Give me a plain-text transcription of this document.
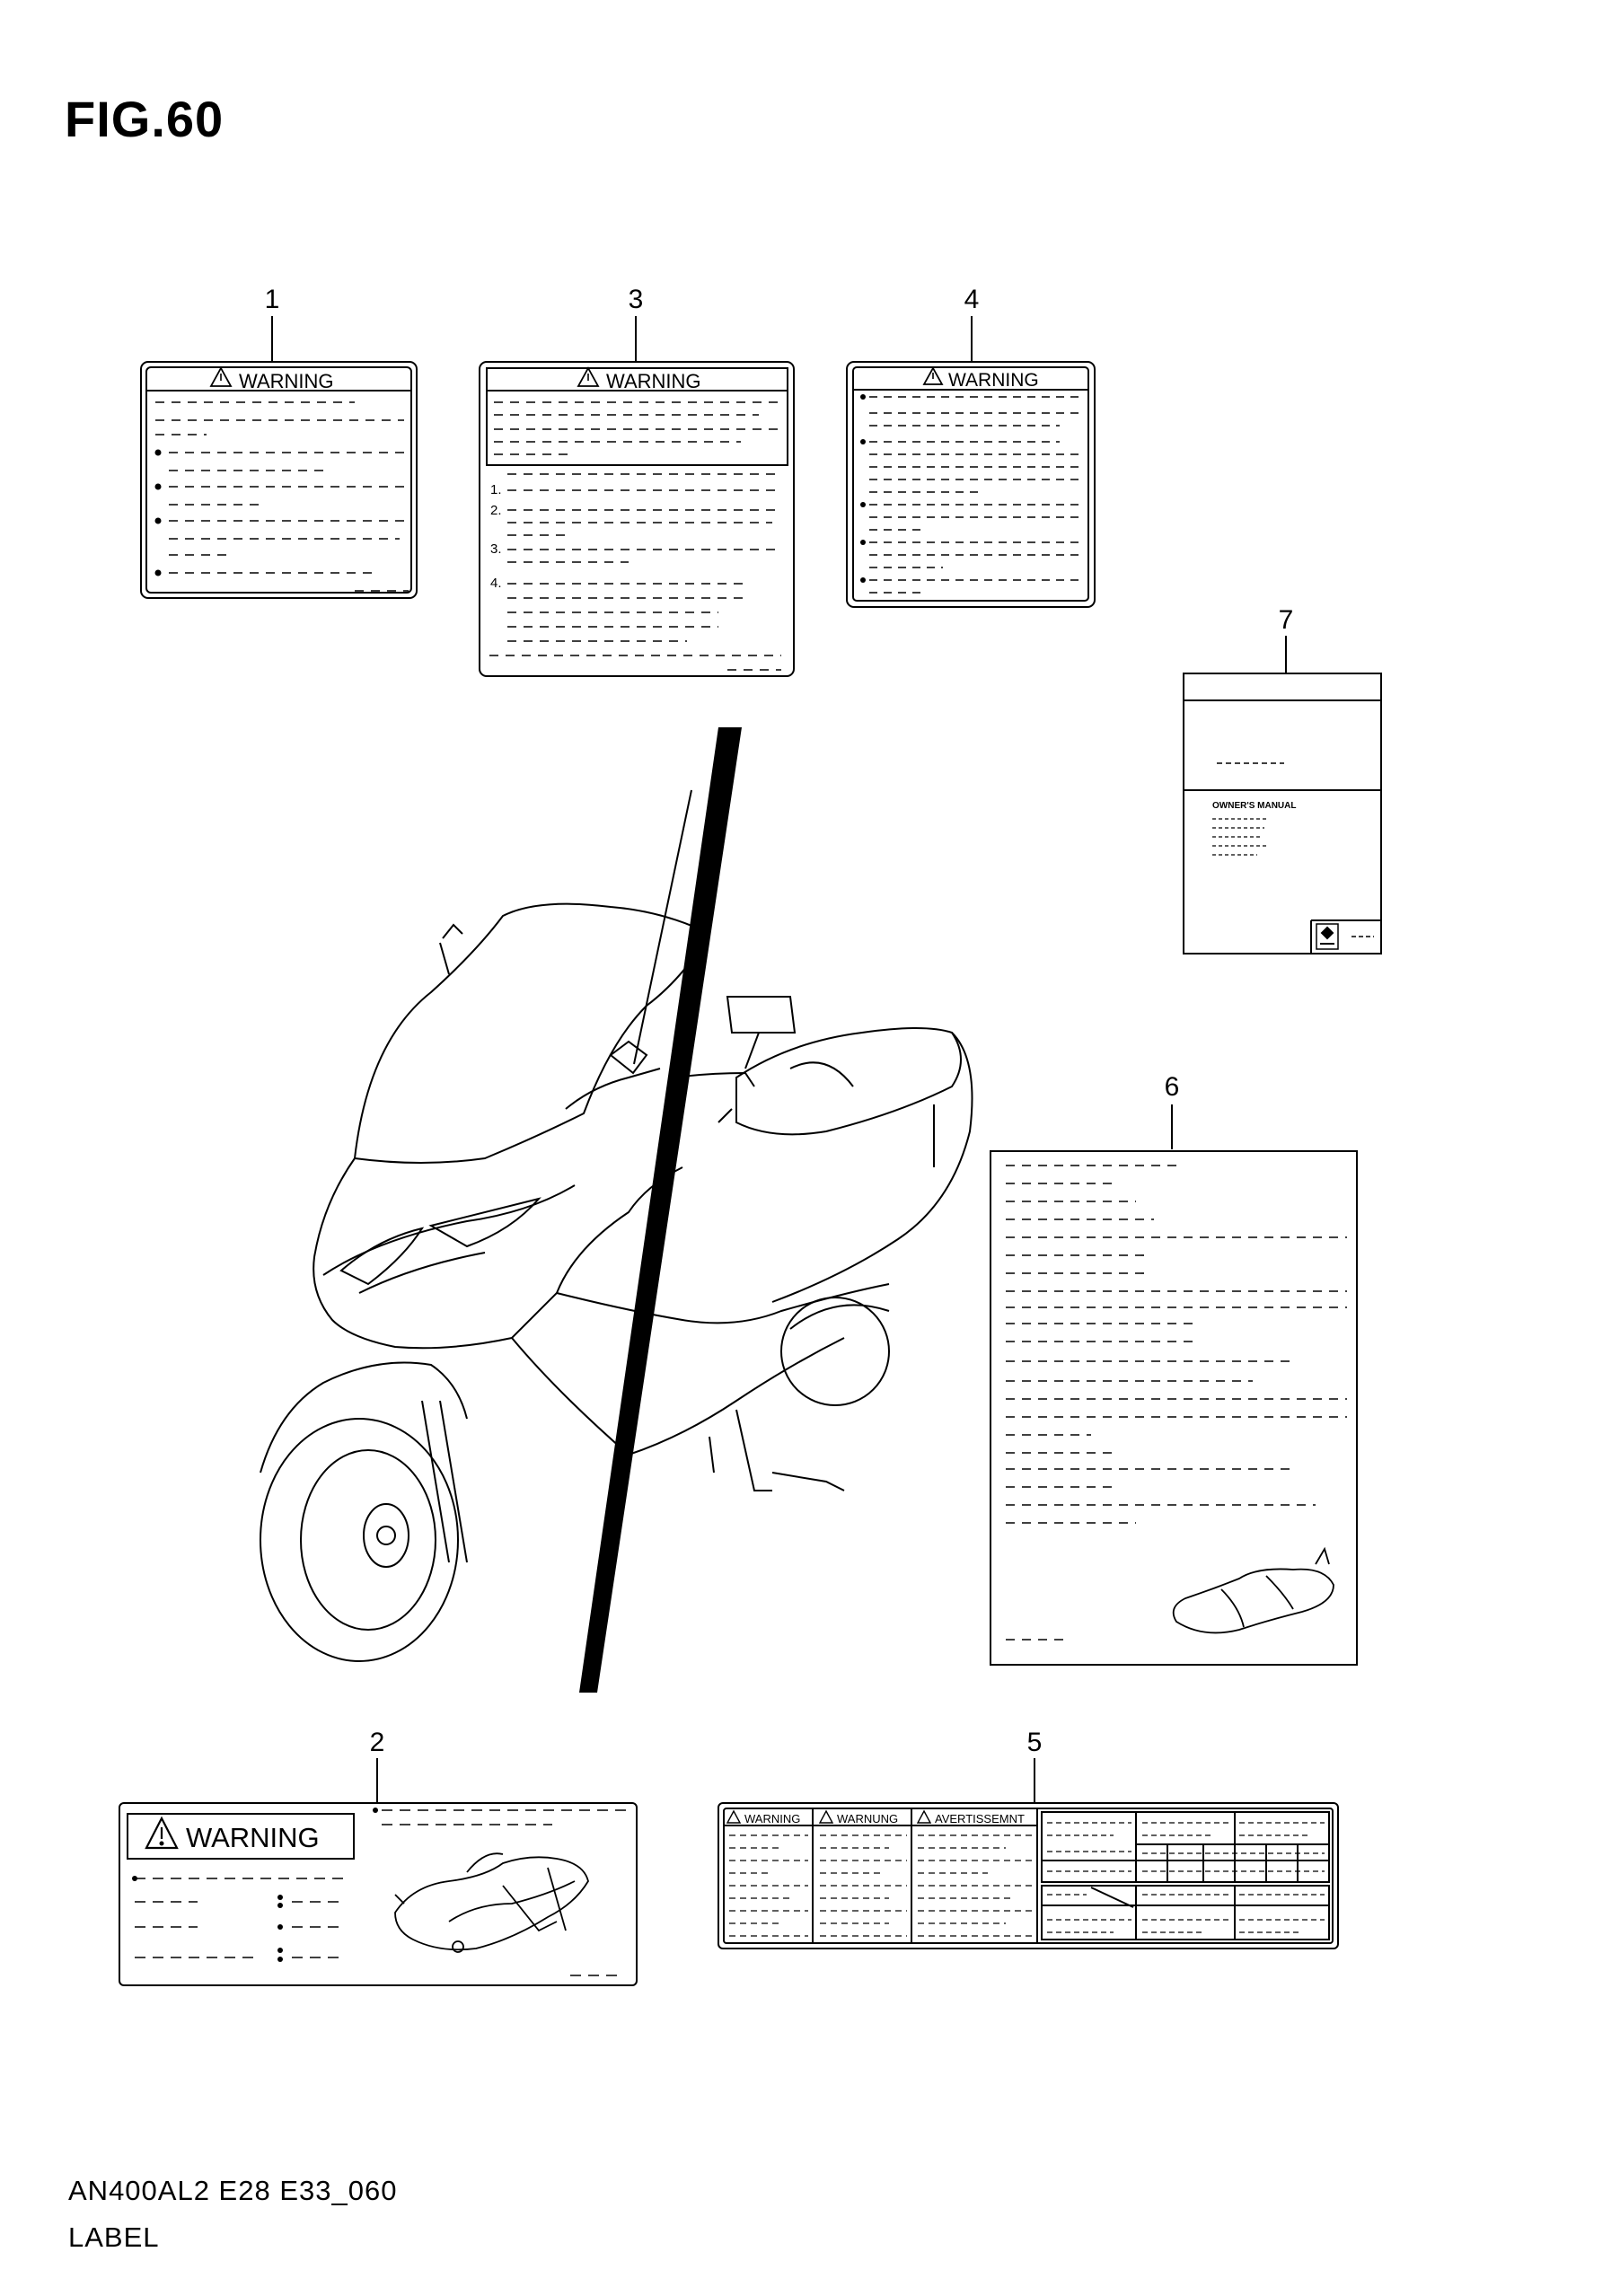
FIG.60
1
WARNING
3
WARNING
1.
2.
3.
4.
4
WARNING
7
OWNER'S MANUAL
6
2
WARNING
5
WARNING	WARNUNG	AVERTISSEMNT
AN400AL2 E28 E33_060
LABEL
